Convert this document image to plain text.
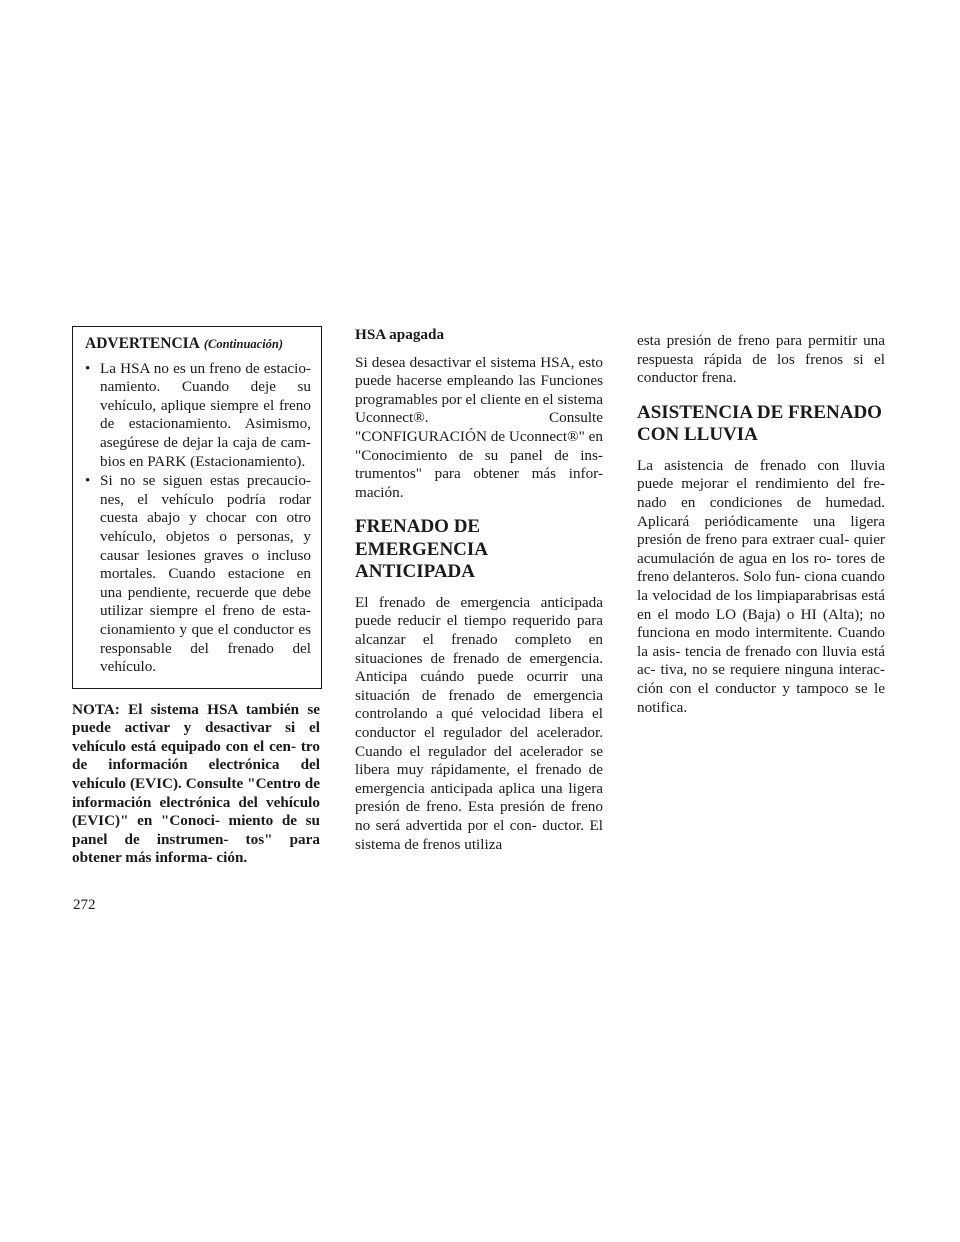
ADVERTENCIA (Continuación)
• La HSA no es un freno de estacio- namiento. Cuando deje su vehículo, aplique siempre el freno de estacionamiento. Asimismo, asegúrese de dejar la caja de cam- bios en PARK (Estacionamiento).
• Si no se siguen estas precaucio- nes, el vehículo podría rodar cuesta abajo y chocar con otro vehículo, objetos o personas, y causar lesiones graves o incluso mortales. Cuando estacione en una pendiente, recuerde que debe utilizar siempre el freno de esta- cionamiento y que el conductor es responsable del frenado del vehículo.
NOTA: El sistema HSA también se puede activar y desactivar si el vehículo está equipado con el cen- tro de información electrónica del vehículo (EVIC). Consulte "Centro de información electrónica del vehículo (EVIC)" en "Conoci- miento de su panel de instrumen- tos" para obtener más informa- ción.
HSA apagada

Si desea desactivar el sistema HSA, esto puede hacerse empleando las Funciones programables por el cliente en el sistema Uconnect®. Consulte "CONFIGURACIÓN de Uconnect®" en "Conocimiento de su panel de ins- trumentos" para obtener más infor- mación.

FRENADO DE EMERGENCIA ANTICIPADA

El frenado de emergencia anticipada puede reducir el tiempo requerido para alcanzar el frenado completo en situaciones de frenado de emergencia. Anticipa cuándo puede ocurrir una situación de frenado de emergencia controlando a qué velocidad libera el conductor el regulador del acelerador. Cuando el regulador del acelerador se libera muy rápidamente, el frenado de emergencia anticipada aplica una ligera presión de freno. Esta presión de freno no será advertida por el con- ductor. El sistema de frenos utiliza

esta presión de freno para permitir una respuesta rápida de los frenos si el conductor frena.

ASISTENCIA DE FRENADO CON LLUVIA

La asistencia de frenado con lluvia puede mejorar el rendimiento del fre- nado en condiciones de humedad. Aplicará periódicamente una ligera presión de freno para extraer cual- quier acumulación de agua en los ro- tores de freno delanteros. Solo fun- ciona cuando la velocidad de los limpiaparabrisas está en el modo LO (Baja) o HI (Alta); no funciona en modo intermitente. Cuando la asis- tencia de frenado con lluvia está ac- tiva, no se requiere ninguna interac- ción con el conductor y tampoco se le notifica.

272
